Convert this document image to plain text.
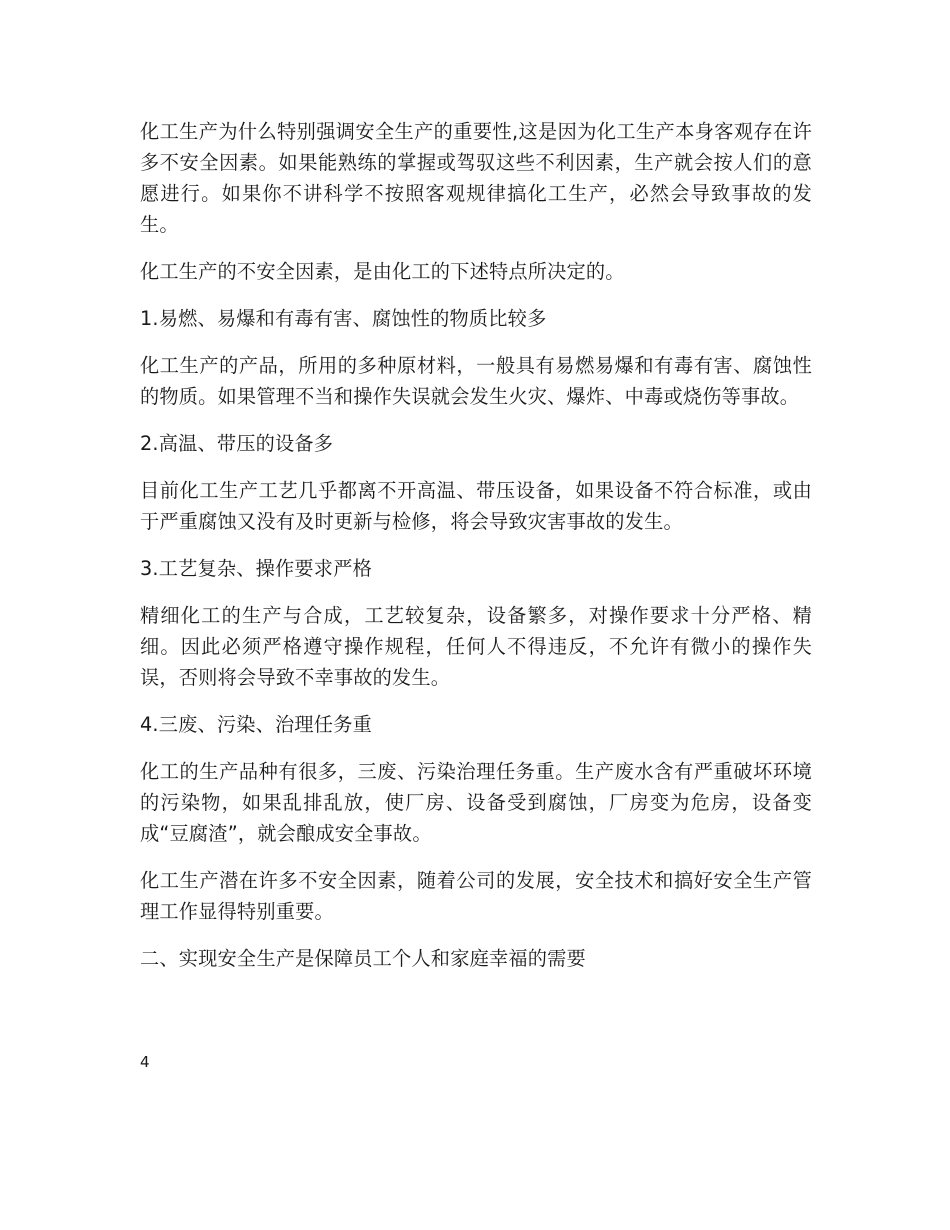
化工生产为什么特别强调安全生产的重要性,这是因为化工生产本身客观存在许多不安全因素。如果能熟练的掌握或驾驭这些不利因素，生产就会按人们的意愿进行。如果你不讲科学不按照客观规律搞化工生产，必然会导致事故的发生。

化工生产的不安全因素，是由化工的下述特点所决定的。

1.易燃、易爆和有毒有害、腐蚀性的物质比较多

化工生产的产品，所用的多种原材料，一般具有易燃易爆和有毒有害、腐蚀性的物质。如果管理不当和操作失误就会发生火灾、爆炸、中毒或烧伤等事故。

2.高温、带压的设备多

目前化工生产工艺几乎都离不开高温、带压设备，如果设备不符合标准，或由于严重腐蚀又没有及时更新与检修，将会导致灾害事故的发生。

3.工艺复杂、操作要求严格

精细化工的生产与合成，工艺较复杂，设备繁多，对操作要求十分严格、精细。因此必须严格遵守操作规程，任何人不得违反，不允许有微小的操作失误，否则将会导致不幸事故的发生。

4.三废、污染、治理任务重

化工的生产品种有很多，三废、污染治理任务重。生产废水含有严重破坏环境的污染物，如果乱排乱放，使厂房、设备受到腐蚀，厂房变为危房，设备变成“豆腐渣”，就会酿成安全事故。

化工生产潜在许多不安全因素，随着公司的发展，安全技术和搞好安全生产管理工作显得特别重要。

二、实现安全生产是保障员工个人和家庭幸福的需要

4
